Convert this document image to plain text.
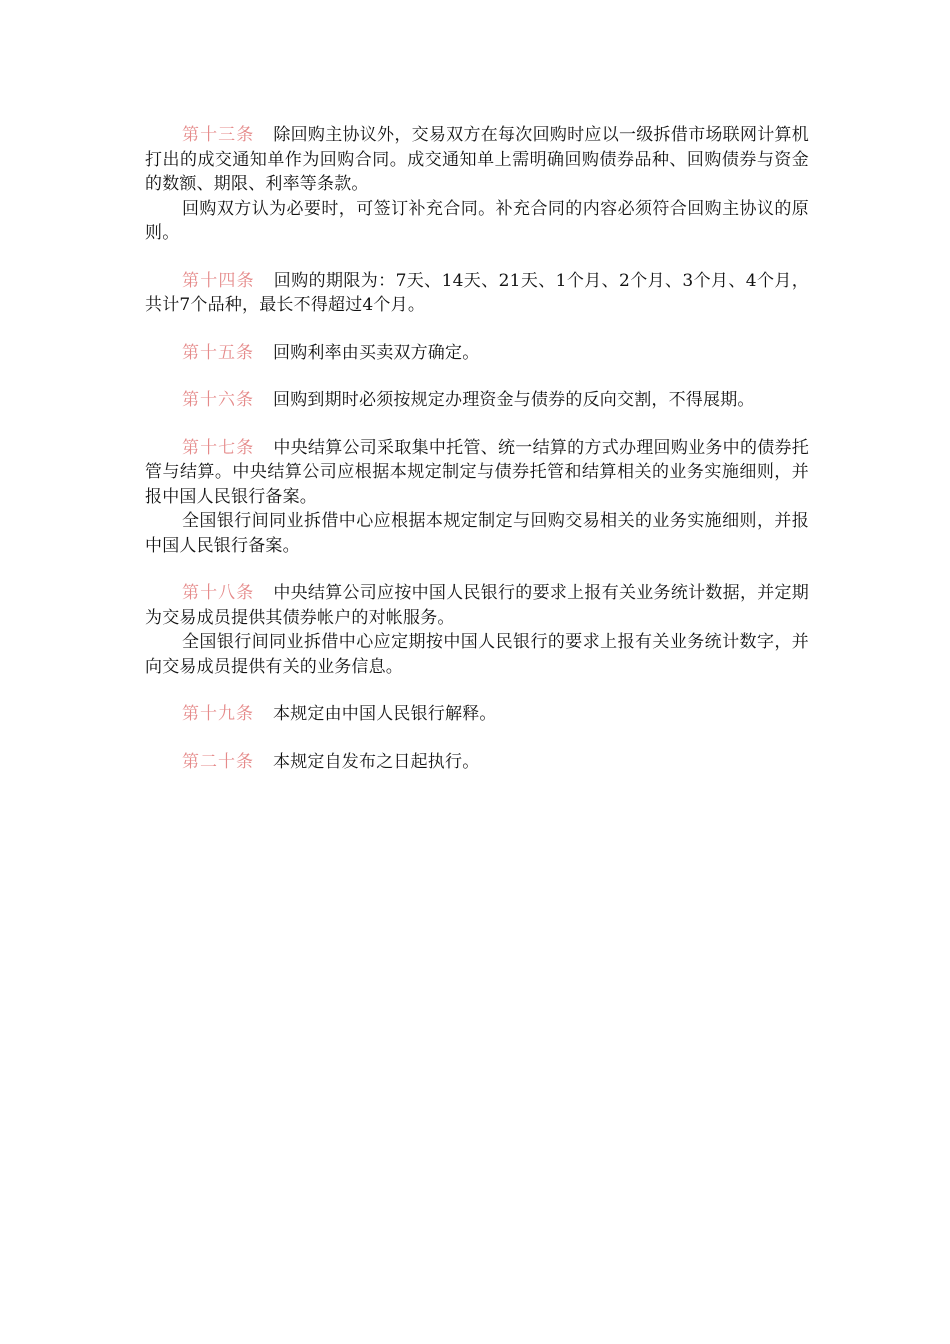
第十三条 除回购主协议外，交易双方在每次回购时应以一级拆借市场联网计算机打出的成交通知单作为回购合同。成交通知单上需明确回购债券品种、回购债券与资金的数额、期限、利率等条款。

回购双方认为必要时，可签订补充合同。补充合同的内容必须符合回购主协议的原则。

第十四条 回购的期限为：7天、14天、21天、1个月、2个月、3个月、4个月，共计7个品种，最长不得超过4个月。

第十五条 回购利率由买卖双方确定。

第十六条 回购到期时必须按规定办理资金与债券的反向交割，不得展期。

第十七条 中央结算公司采取集中托管、统一结算的方式办理回购业务中的债券托管与结算。中央结算公司应根据本规定制定与债券托管和结算相关的业务实施细则，并报中国人民银行备案。

全国银行间同业拆借中心应根据本规定制定与回购交易相关的业务实施细则，并报中国人民银行备案。

第十八条 中央结算公司应按中国人民银行的要求上报有关业务统计数据，并定期为交易成员提供其债券帐户的对帐服务。

全国银行间同业拆借中心应定期按中国人民银行的要求上报有关业务统计数字，并向交易成员提供有关的业务信息。

第十九条 本规定由中国人民银行解释。

第二十条 本规定自发布之日起执行。
